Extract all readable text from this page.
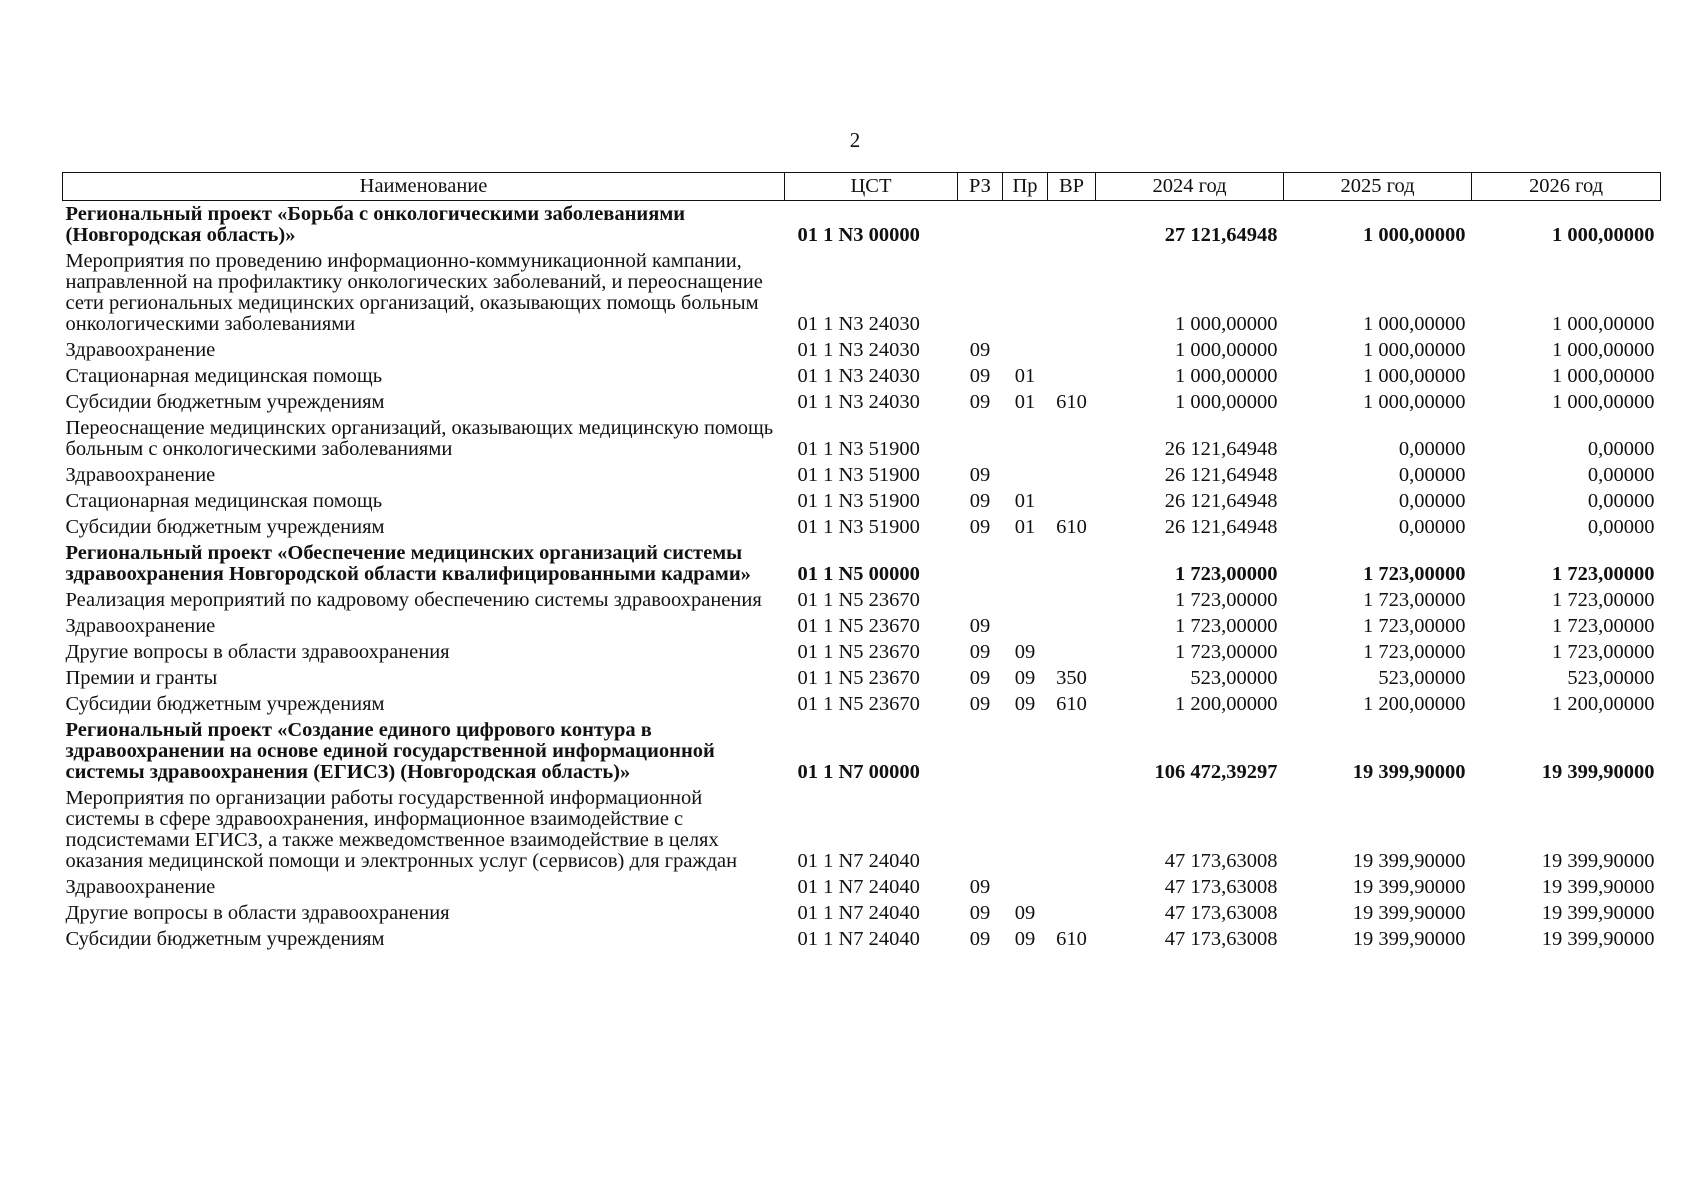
2
Наименование	ЦСТ	РЗ	Пр	ВР	2024 год	2025 год	2026 год
Региональный проект «Борьба с онкологическими заболеваниями (Новгородская область)»	01 1 N3 00000				27 121,64948	1 000,00000	1 000,00000
Мероприятия по проведению информационно-коммуникационной кампании, направленной на профилактику онкологических заболеваний, и переоснащение сети региональных медицинских организаций, оказывающих помощь больным онкологическими заболеваниями	01 1 N3 24030				1 000,00000	1 000,00000	1 000,00000
Здравоохранение	01 1 N3 24030	09			1 000,00000	1 000,00000	1 000,00000
Стационарная медицинская помощь	01 1 N3 24030	09	01		1 000,00000	1 000,00000	1 000,00000
Субсидии бюджетным учреждениям	01 1 N3 24030	09	01	610	1 000,00000	1 000,00000	1 000,00000
Переоснащение медицинских организаций, оказывающих медицинскую помощь больным с онкологическими заболеваниями	01 1 N3 51900				26 121,64948	0,00000	0,00000
Здравоохранение	01 1 N3 51900	09			26 121,64948	0,00000	0,00000
Стационарная медицинская помощь	01 1 N3 51900	09	01		26 121,64948	0,00000	0,00000
Субсидии бюджетным учреждениям	01 1 N3 51900	09	01	610	26 121,64948	0,00000	0,00000
Региональный проект «Обеспечение медицинских организаций системы здравоохранения Новгородской области квалифицированными кадрами»	01 1 N5 00000				1 723,00000	1 723,00000	1 723,00000
Реализация мероприятий по кадровому обеспечению системы здравоохранения	01 1 N5 23670				1 723,00000	1 723,00000	1 723,00000
Здравоохранение	01 1 N5 23670	09			1 723,00000	1 723,00000	1 723,00000
Другие вопросы в области здравоохранения	01 1 N5 23670	09	09		1 723,00000	1 723,00000	1 723,00000
Премии и гранты	01 1 N5 23670	09	09	350	523,00000	523,00000	523,00000
Субсидии бюджетным учреждениям	01 1 N5 23670	09	09	610	1 200,00000	1 200,00000	1 200,00000
Региональный проект «Создание единого цифрового контура в здравоохранении на основе единой государственной информационной системы здравоохранения (ЕГИСЗ) (Новгородская область)»	01 1 N7 00000				106 472,39297	19 399,90000	19 399,90000
Мероприятия по организации работы государственной информационной системы в сфере здравоохранения, информационное взаимодействие с подсистемами ЕГИСЗ, а также межведомственное взаимодействие в целях оказания медицинской помощи и электронных услуг (сервисов) для граждан	01 1 N7 24040				47 173,63008	19 399,90000	19 399,90000
Здравоохранение	01 1 N7 24040	09			47 173,63008	19 399,90000	19 399,90000
Другие вопросы в области здравоохранения	01 1 N7 24040	09	09		47 173,63008	19 399,90000	19 399,90000
Субсидии бюджетным учреждениям	01 1 N7 24040	09	09	610	47 173,63008	19 399,90000	19 399,90000
